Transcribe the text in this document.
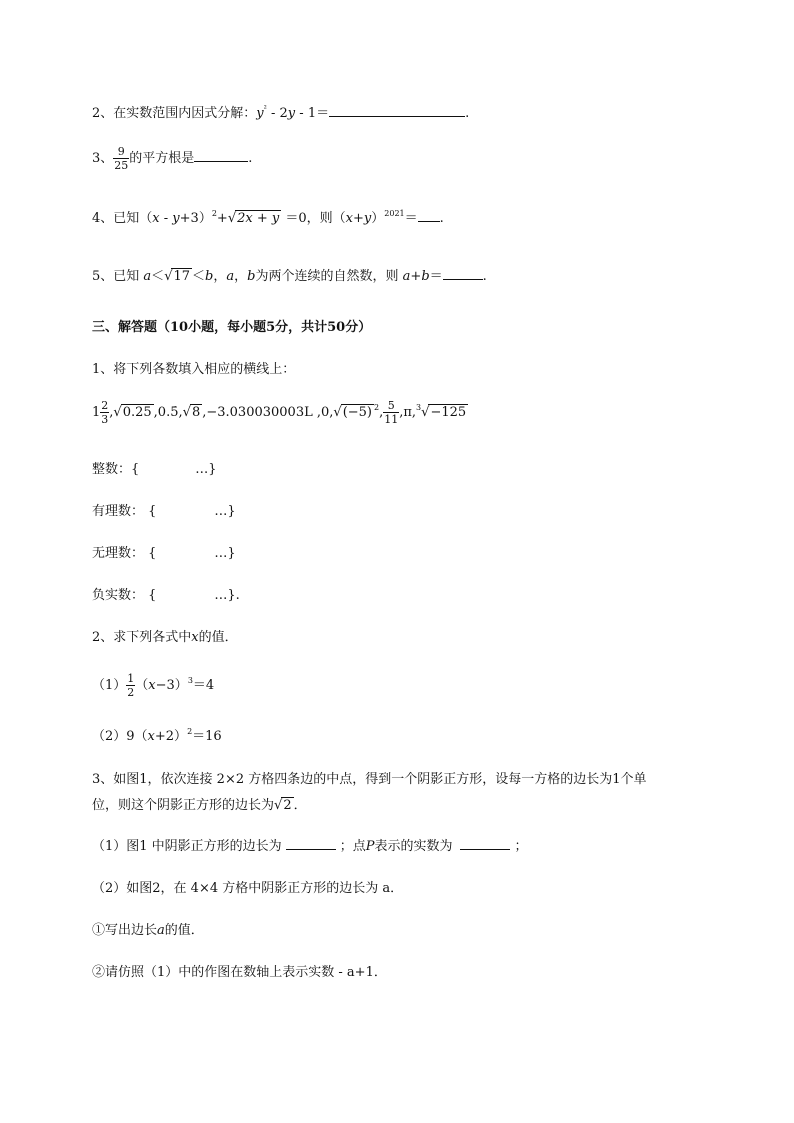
2、在实数范围内因式分解：$y^{^2} - 2y - 1=$	.
3、 $\frac{9}{25}$ 的平方根是	.
4、已知$(x - y+3)^2+√2x + y =0$，则$(x+y)^{2021}=$ .
5、已知 a＜√17 ＜b，a，b为两个连续的自然数，则 a+b＝	.
三、解答题（10小题，每小题5分，共计50分）
1、将下列各数填入相应的横线上：
$1 \frac{2}{3} ,√0.25$ ,0.5̇,√8 ,−3.030030003L ,0,√(−5) $^2$, $\frac{5}{11} ,\pi,^3√-125$
整数：{	…}
有理数： {	…}
无理数： {	…}
负实数： {	…}.
2、求下列各式中x的值．
$(1) \frac{1}{2} (x-3)^3=4$
$(2)9(x+2)^2=16$
3、如图1，依次连接 2×2 方格四条边的中点，得到一个阴影正方形，设每一方格的边长为1个单
位，则这个阴影正方形的边长为√2 ．
（1）图1 中阴影正方形的边长为	；点P表示的实数为	；
（2）如图2，在 4×4 方格中阴影正方形的边长为 a．
①写出边长a的值．
②请仿照（1）中的作图在数轴上表示实数 - a+1．
